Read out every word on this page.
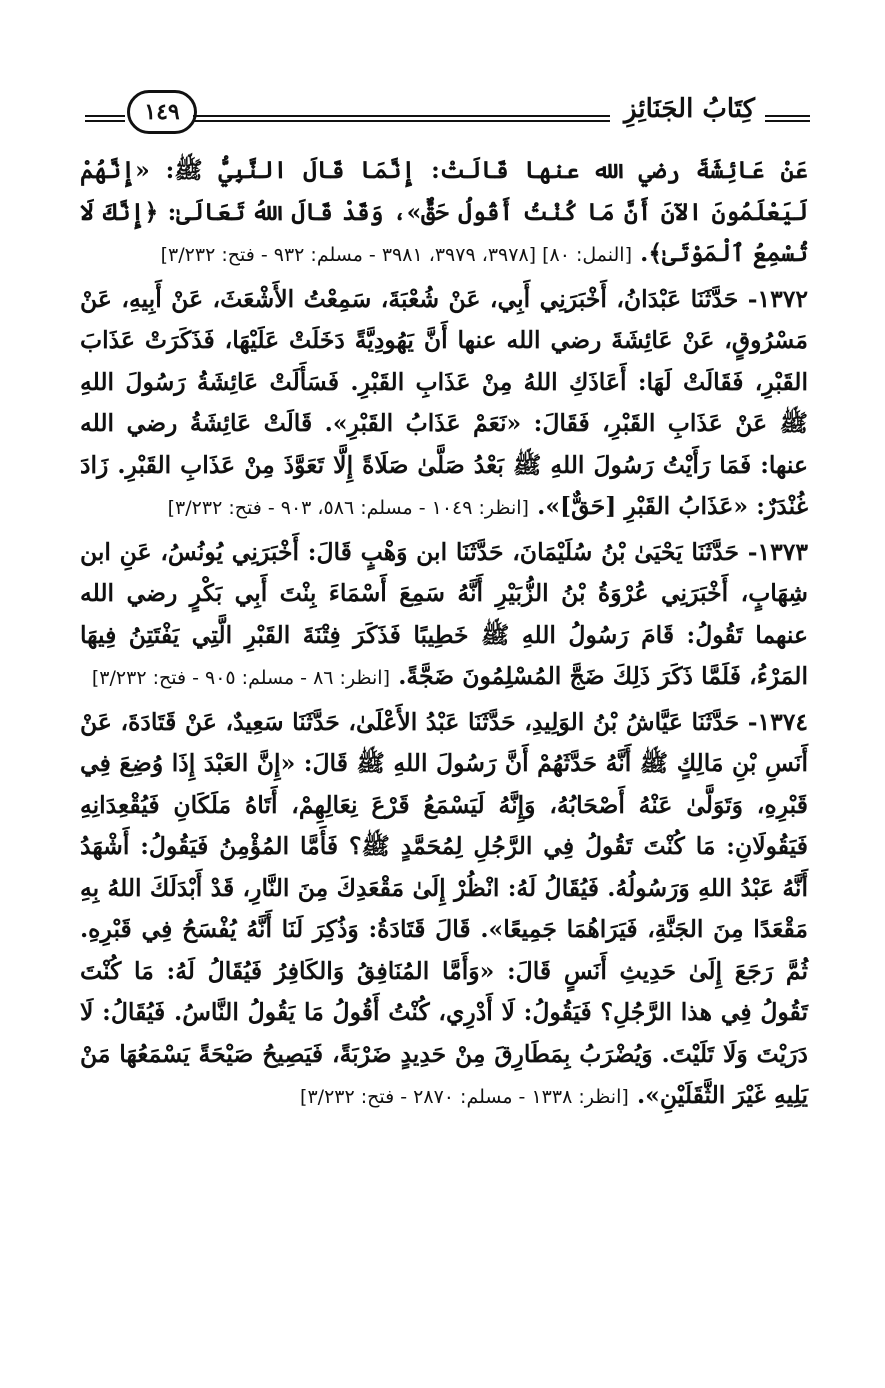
كِتَابُ الجَنَائِزِ
١٤٩

عَنْ عَائِشَةَ رضي الله عنها قَالَتْ: إِنَّمَا قَالَ النَّبِيُّ ﷺ: «إِنَّهُمْ لَيَعْلَمُونَ الآنَ أَنَّ مَا كُنْتُ أَقُولُ حَقٌّ»، وَقَدْ قَالَ اللهُ تَعَالَىٰ: ﴿إِنَّكَ لَا تُسْمِعُ ٱلْمَوْتَىٰ﴾. [النمل: ٨٠] [٣٩٧٨، ٣٩٧٩، ٣٩٨١ - مسلم: ٩٣٢ - فتح: ٣/٢٣٢]

١٣٧٢- حَدَّثَنَا عَبْدَانُ، أَخْبَرَنِي أَبِي، عَنْ شُعْبَةَ، سَمِعْتُ الأَشْعَثَ، عَنْ أَبِيهِ، عَنْ مَسْرُوقٍ، عَنْ عَائِشَةَ رضي الله عنها أَنَّ يَهُودِيَّةً دَخَلَتْ عَلَيْهَا، فَذَكَرَتْ عَذَابَ القَبْرِ، فَقَالَتْ لَهَا: أَعَاذَكِ اللهُ مِنْ عَذَابِ القَبْرِ. فَسَأَلَتْ عَائِشَةُ رَسُولَ اللهِ ﷺ عَنْ عَذَابِ القَبْرِ، فَقَالَ: «نَعَمْ عَذَابُ القَبْرِ». قَالَتْ عَائِشَةُ رضي الله عنها: فَمَا رَأَيْتُ رَسُولَ اللهِ ﷺ بَعْدُ صَلَّىٰ صَلَاةً إِلَّا تَعَوَّذَ مِنْ عَذَابِ القَبْرِ. زَادَ غُنْدَرٌ: «عَذَابُ القَبْرِ [حَقٌّ]». [انظر: ١٠٤٩ - مسلم: ٥٨٦، ٩٠٣ - فتح: ٣/٢٣٢]

١٣٧٣- حَدَّثَنَا يَحْيَىٰ بْنُ سُلَيْمَانَ، حَدَّثَنَا ابن وَهْبٍ قَالَ: أَخْبَرَنِي يُونُسُ، عَنِ ابن شِهَابٍ، أَخْبَرَنِي عُرْوَةُ بْنُ الزُّبَيْرِ أَنَّهُ سَمِعَ أَسْمَاءَ بِنْتَ أَبِي بَكْرٍ رضي الله عنهما تَقُولُ: قَامَ رَسُولُ اللهِ ﷺ خَطِيبًا فَذَكَرَ فِتْنَةَ القَبْرِ الَّتِي يَفْتَتِنُ فِيهَا المَرْءُ، فَلَمَّا ذَكَرَ ذَلِكَ ضَجَّ المُسْلِمُونَ ضَجَّةً. [انظر: ٨٦ - مسلم: ٩٠٥ - فتح: ٣/٢٣٢]

١٣٧٤- حَدَّثَنَا عَيَّاشُ بْنُ الوَلِيدِ، حَدَّثَنَا عَبْدُ الأَعْلَىٰ، حَدَّثَنَا سَعِيدٌ، عَنْ قَتَادَةَ، عَنْ أَنَسِ بْنِ مَالِكٍ ﷺ أَنَّهُ حَدَّثَهُمْ أَنَّ رَسُولَ اللهِ ﷺ قَالَ: «إِنَّ العَبْدَ إِذَا وُضِعَ فِي قَبْرِهِ، وَتَوَلَّىٰ عَنْهُ أَصْحَابُهُ، وَإِنَّهُ لَيَسْمَعُ قَرْعَ نِعَالِهِمْ، أَتَاهُ مَلَكَانِ فَيُقْعِدَانِهِ فَيَقُولَانِ: مَا كُنْتَ تَقُولُ فِي الرَّجُلِ لِمُحَمَّدٍ ﷺ؟ فَأَمَّا المُؤْمِنُ فَيَقُولُ: أَشْهَدُ أَنَّهُ عَبْدُ اللهِ وَرَسُولُهُ. فَيُقَالُ لَهُ: انْظُرْ إِلَىٰ مَقْعَدِكَ مِنَ النَّارِ، قَدْ أَبْدَلَكَ اللهُ بِهِ مَقْعَدًا مِنَ الجَنَّةِ، فَيَرَاهُمَا جَمِيعًا». قَالَ قَتَادَةُ: وَذُكِرَ لَنَا أَنَّهُ يُفْسَحُ فِي قَبْرِهِ. ثُمَّ رَجَعَ إِلَىٰ حَدِيثِ أَنَسٍ قَالَ: «وَأَمَّا المُنَافِقُ وَالكَافِرُ فَيُقَالُ لَهُ: مَا كُنْتَ تَقُولُ فِي هذا الرَّجُلِ؟ فَيَقُولُ: لَا أَدْرِي، كُنْتُ أَقُولُ مَا يَقُولُ النَّاسُ. فَيُقَالُ: لَا دَرَيْتَ وَلَا تَلَيْتَ. وَيُضْرَبُ بِمَطَارِقَ مِنْ حَدِيدٍ ضَرْبَةً، فَيَصِيحُ صَيْحَةً يَسْمَعُهَا مَنْ يَلِيهِ غَيْرَ الثَّقَلَيْنِ». [انظر: ١٣٣٨ - مسلم: ٢٨٧٠ - فتح: ٣/٢٣٢]
